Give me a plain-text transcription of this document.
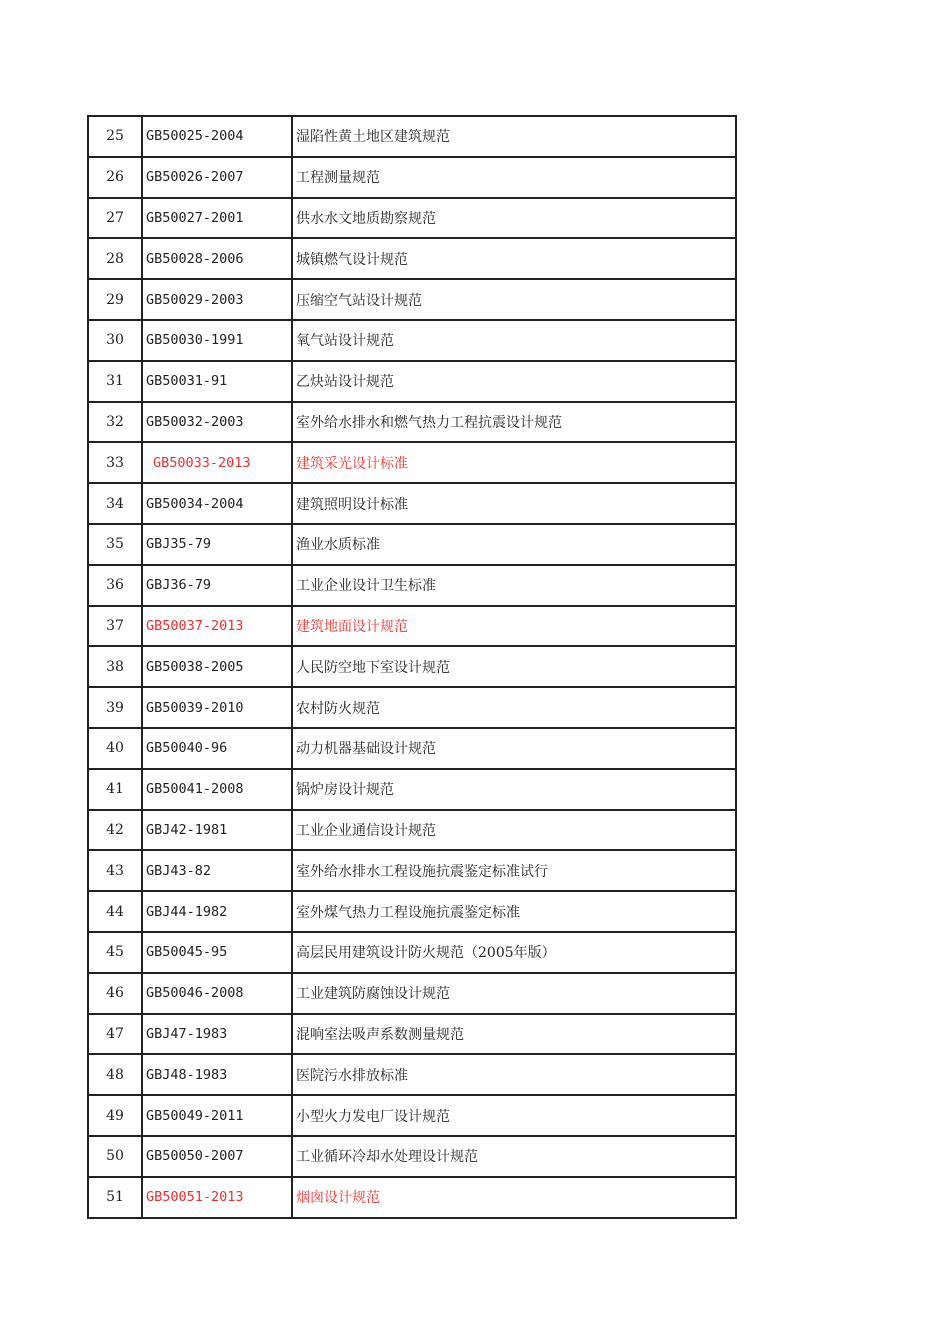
25	GB50025-2004	湿陷性黄土地区建筑规范
26	GB50026-2007	工程测量规范
27	GB50027-2001	供水水文地质勘察规范
28	GB50028-2006	城镇燃气设计规范
29	GB50029-2003	压缩空气站设计规范
30	GB50030-1991	氧气站设计规范
31	GB50031-91	乙炔站设计规范
32	GB50032-2003	室外给水排水和燃气热力工程抗震设计规范
33	GB50033-2013	建筑采光设计标准
34	GB50034-2004	建筑照明设计标准
35	GBJ35-79	渔业水质标准
36	GBJ36-79	工业企业设计卫生标准
37	GB50037-2013	建筑地面设计规范
38	GB50038-2005	人民防空地下室设计规范
39	GB50039-2010	农村防火规范
40	GB50040-96	动力机器基础设计规范
41	GB50041-2008	锅炉房设计规范
42	GBJ42-1981	工业企业通信设计规范
43	GBJ43-82	室外给水排水工程设施抗震鉴定标准试行
44	GBJ44-1982	室外煤气热力工程设施抗震鉴定标准
45	GB50045-95	高层民用建筑设计防火规范（2005年版）
46	GB50046-2008	工业建筑防腐蚀设计规范
47	GBJ47-1983	混响室法吸声系数测量规范
48	GBJ48-1983	医院污水排放标准
49	GB50049-2011	小型火力发电厂设计规范
50	GB50050-2007	工业循环冷却水处理设计规范
51	GB50051-2013	烟囱设计规范
